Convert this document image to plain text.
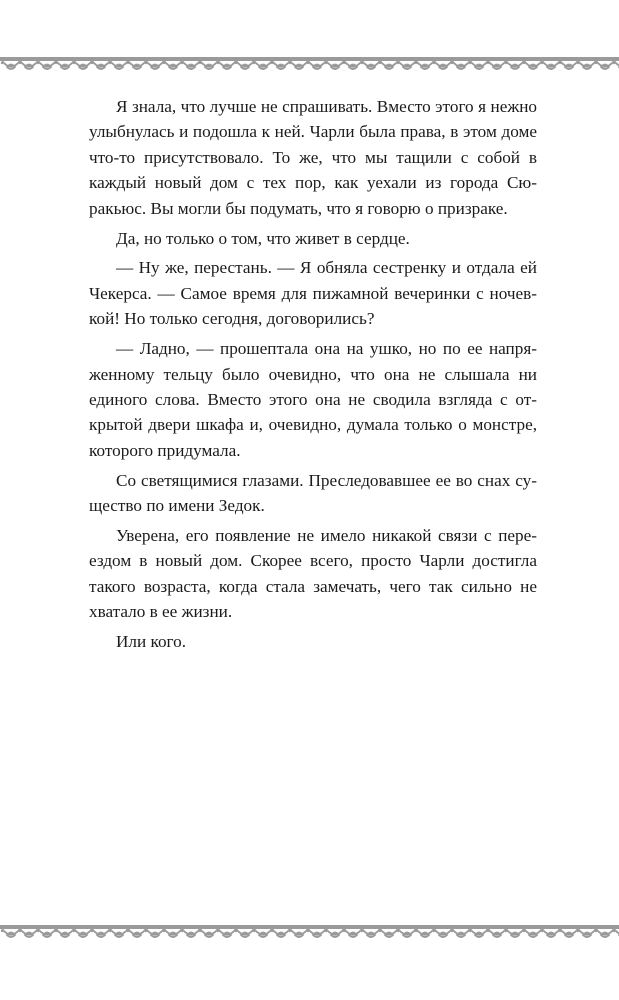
Я знала, что лучше не спрашивать. Вместо этого я нежно улыбнулась и подошла к ней. Чарли была права, в этом доме что-то присутствовало. То же, что мы тащили с собой в каждый новый дом с тех пор, как уехали из города Сюракьюс. Вы могли бы подумать, что я говорю о призраке.

Да, но только о том, что живет в сердце.

— Ну же, перестань. — Я обняла сестренку и отдала ей Чекерса. — Самое время для пижамной вечеринки с ночевкой! Но только сегодня, договорились?

— Ладно, — прошептала она на ушко, но по ее напряженному тельцу было очевидно, что она не слышала ни единого слова. Вместо этого она не сводила взгляда с открытой двери шкафа и, очевидно, думала только о монстре, которого придумала.

Со светящимися глазами. Преследовавшее ее во снах существо по имени Зедок.

Уверена, его появление не имело никакой связи с переездом в новый дом. Скорее всего, просто Чарли достигла такого возраста, когда стала замечать, чего так сильно не хватало в ее жизни.

Или кого.
